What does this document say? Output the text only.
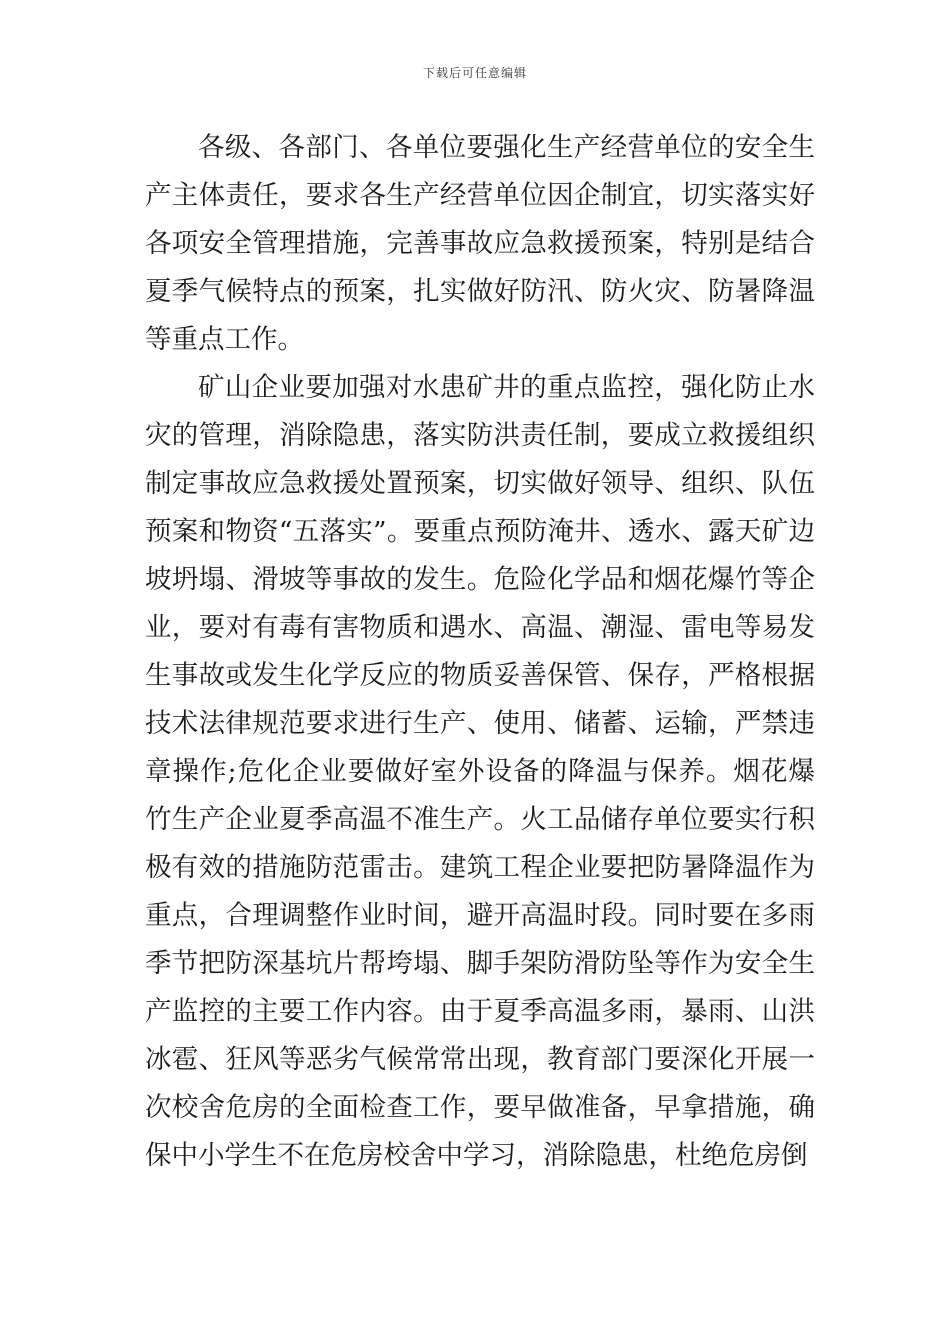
下载后可任意编辑

各级、各部门、各单位要强化生产经营单位的安全生产主体责任，要求各生产经营单位因企制宜，切实落实好各项安全管理措施，完善事故应急救援预案，特别是结合夏季气候特点的预案，扎实做好防汛、防火灾、防暑降温等重点工作。

矿山企业要加强对水患矿井的重点监控，强化防止水灾的管理，消除隐患，落实防洪责任制，要成立救援组织制定事故应急救援处置预案，切实做好领导、组织、队伍预案和物资“五落实”。要重点预防淹井、透水、露天矿边坡坍塌、滑坡等事故的发生。危险化学品和烟花爆竹等企业，要对有毒有害物质和遇水、高温、潮湿、雷电等易发生事故或发生化学反应的物质妥善保管、保存，严格根据技术法律规范要求进行生产、使用、储蓄、运输，严禁违章操作;危化企业要做好室外设备的降温与保养。烟花爆竹生产企业夏季高温不准生产。火工品储存单位要实行积极有效的措施防范雷击。建筑工程企业要把防暑降温作为重点，合理调整作业时间，避开高温时段。同时要在多雨季节把防深基坑片帮垮塌、脚手架防滑防坠等作为安全生产监控的主要工作内容。由于夏季高温多雨，暴雨、山洪冰雹、狂风等恶劣气候常常出现，教育部门要深化开展一次校舍危房的全面检查工作，要早做准备，早拿措施，确保中小学生不在危房校舍中学习，消除隐患，杜绝危房倒
